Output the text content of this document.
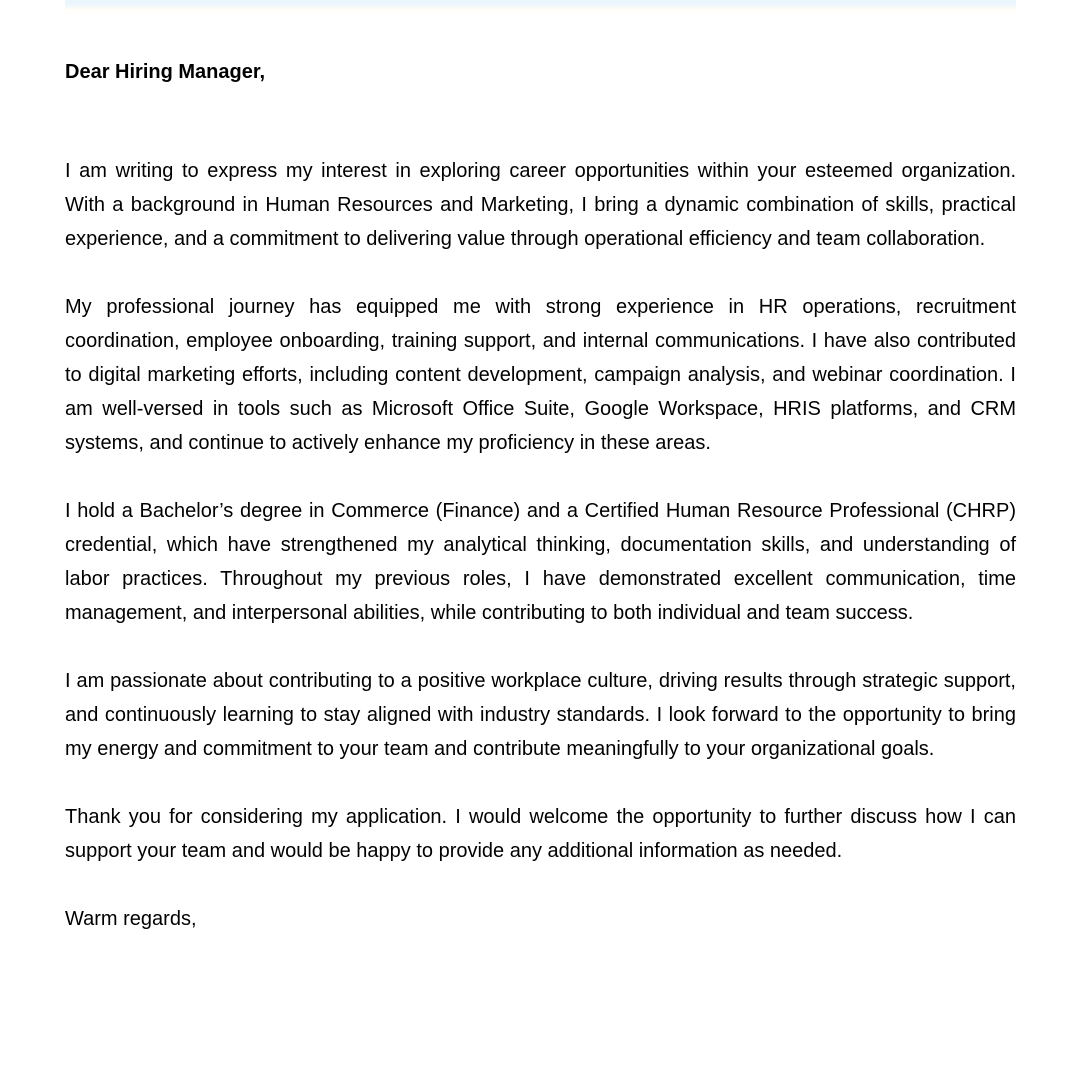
Dear Hiring Manager,

I am writing to express my interest in exploring career opportunities within your esteemed organization. With a background in Human Resources and Marketing, I bring a dynamic combination of skills, practical experience, and a commitment to delivering value through operational efficiency and team collaboration.

My professional journey has equipped me with strong experience in HR operations, recruitment coordination, employee onboarding, training support, and internal communications. I have also contributed to digital marketing efforts, including content development, campaign analysis, and webinar coordination. I am well-versed in tools such as Microsoft Office Suite, Google Workspace, HRIS platforms, and CRM systems, and continue to actively enhance my proficiency in these areas.

I hold a Bachelor’s degree in Commerce (Finance) and a Certified Human Resource Professional (CHRP) credential, which have strengthened my analytical thinking, documentation skills, and understanding of labor practices. Throughout my previous roles, I have demonstrated excellent communication, time management, and interpersonal abilities, while contributing to both individual and team success.

I am passionate about contributing to a positive workplace culture, driving results through strategic support, and continuously learning to stay aligned with industry standards. I look forward to the opportunity to bring my energy and commitment to your team and contribute meaningfully to your organizational goals.

Thank you for considering my application. I would welcome the opportunity to further discuss how I can support your team and would be happy to provide any additional information as needed.

Warm regards,
